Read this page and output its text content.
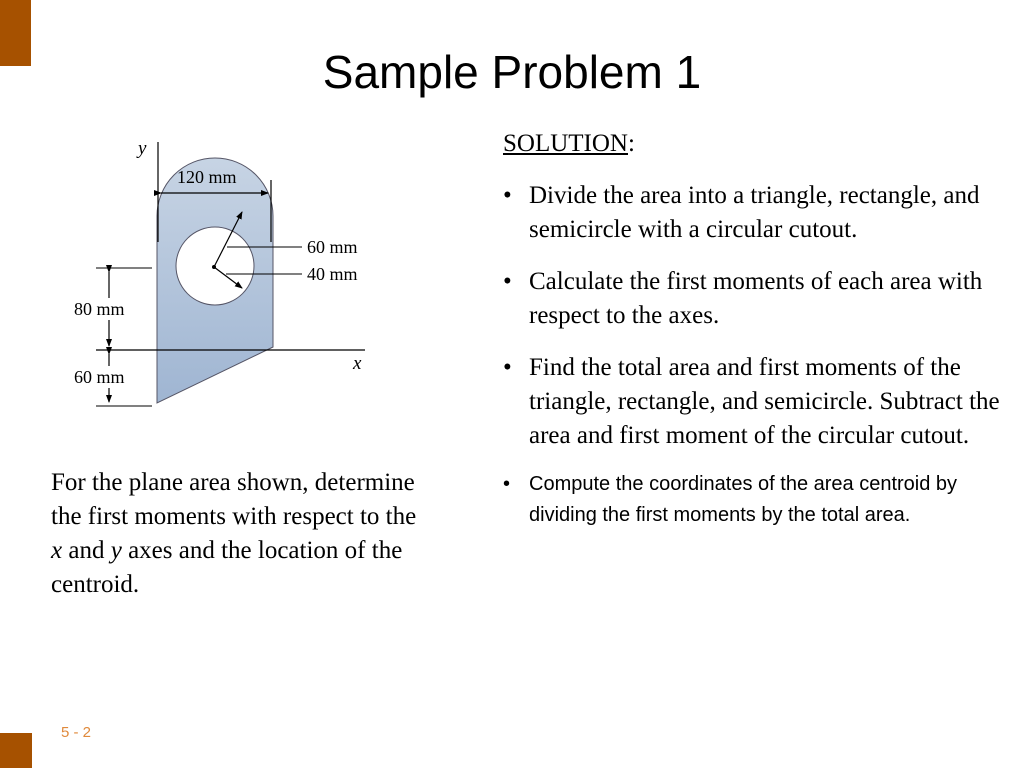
5 - 2
Sample Problem 1
y
120 mm
60 mm
40 mm
x
80 mm
60 mm
For the plane area shown, determine
the first moments with respect to the
x and y axes and the location of the
centroid.
SOLUTION:
• Divide the area into a triangle, rectangle, and semicircle with a circular cutout.
• Calculate the first moments of each area with respect to the axes.
• Find the total area and first moments of the triangle, rectangle, and semicircle. Subtract the area and first moment of the circular cutout.
• Compute the coordinates of the area centroid by dividing the first moments by the total area.
